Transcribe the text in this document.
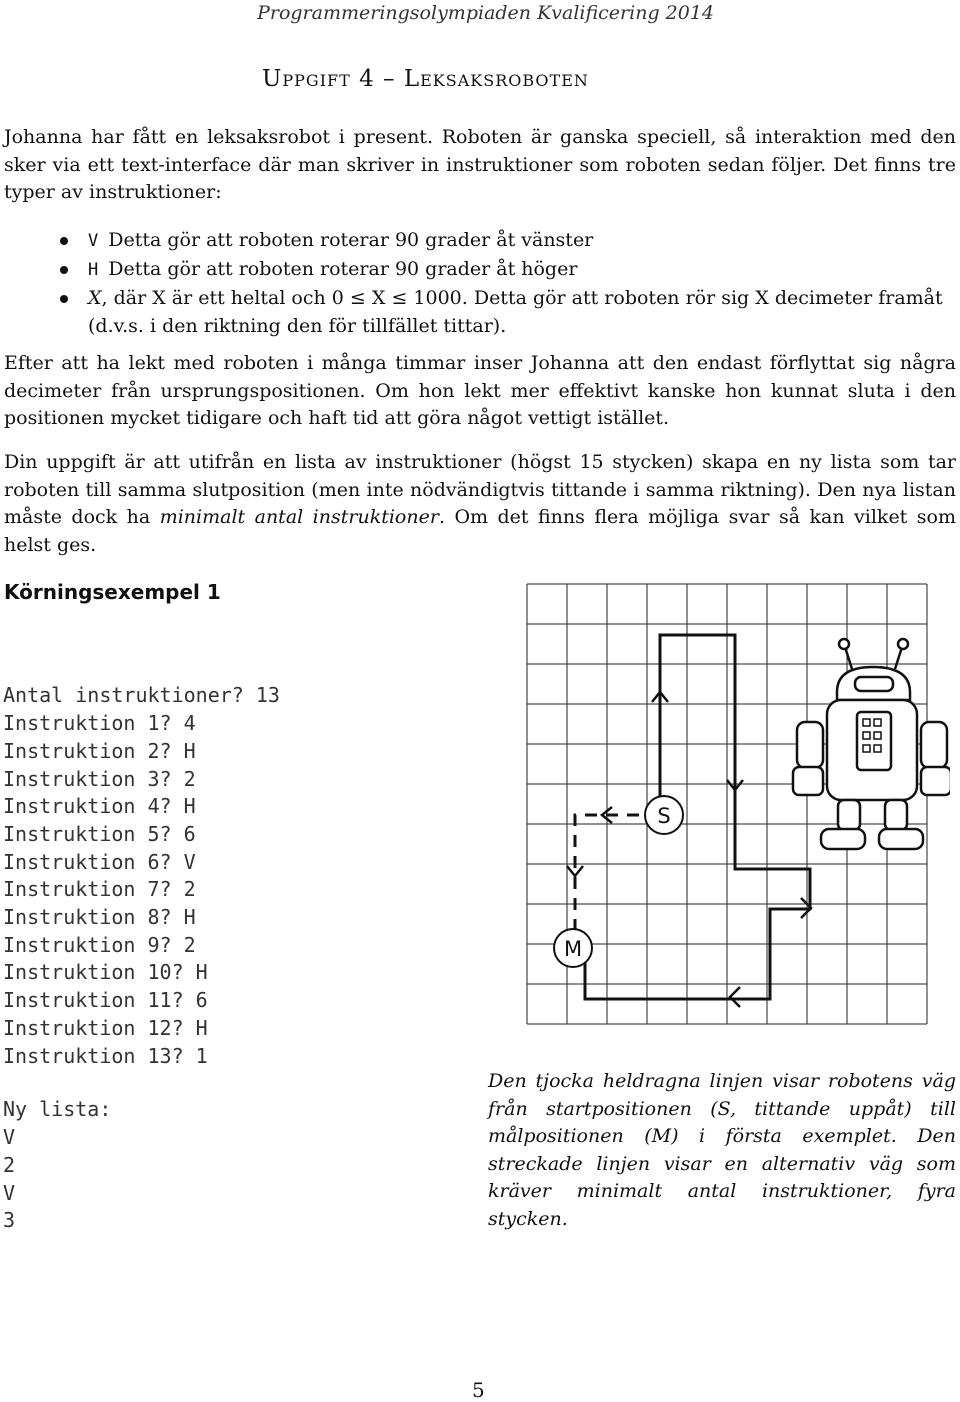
Programmeringsolympiaden Kvalificering 2014
Uppgift 4 – Leksaksroboten
Johanna har fått en leksaksrobot i present. Roboten är ganska speciell, så interaktion med den sker via ett text-interface där man skriver in instruktioner som roboten sedan följer. Det finns tre typer av instruktioner:
V Detta gör att roboten roterar 90 grader åt vänster
H Detta gör att roboten roterar 90 grader åt höger
X, där X är ett heltal och 0 ≤ X ≤ 1000. Detta gör att roboten rör sig X decimeter framåt (d.v.s. i den riktning den för tillfället tittar).
Efter att ha lekt med roboten i många timmar inser Johanna att den endast förflyttat sig några decimeter från ursprungspositionen. Om hon lekt mer effektivt kanske hon kunnat sluta i den positionen mycket tidigare och haft tid att göra något vettigt istället.
Din uppgift är att utifrån en lista av instruktioner (högst 15 stycken) skapa en ny lista som tar roboten till samma slutposition (men inte nödvändigtvis tittande i samma riktning). Den nya listan måste dock ha minimalt antal instruktioner. Om det finns flera möjliga svar så kan vilket som helst ges.
Körningsexempel 1

Antal instruktioner? 13
Instruktion 1? 4
Instruktion 2? H
Instruktion 3? 2
Instruktion 4? H
Instruktion 5? 6
Instruktion 6? V
Instruktion 7? 2
Instruktion 8? H
Instruktion 9? 2
Instruktion 10? H
Instruktion 11? 6
Instruktion 12? H
Instruktion 13? 1

Ny lista:
V
2
V
3

S
M
Den tjocka heldragna linjen visar robotens väg från startpositionen (S, tittande uppåt) till målpositionen (M) i första exemplet. Den streckade linjen visar en alternativ väg som kräver minimalt antal instruktioner, fyra stycken.
5
